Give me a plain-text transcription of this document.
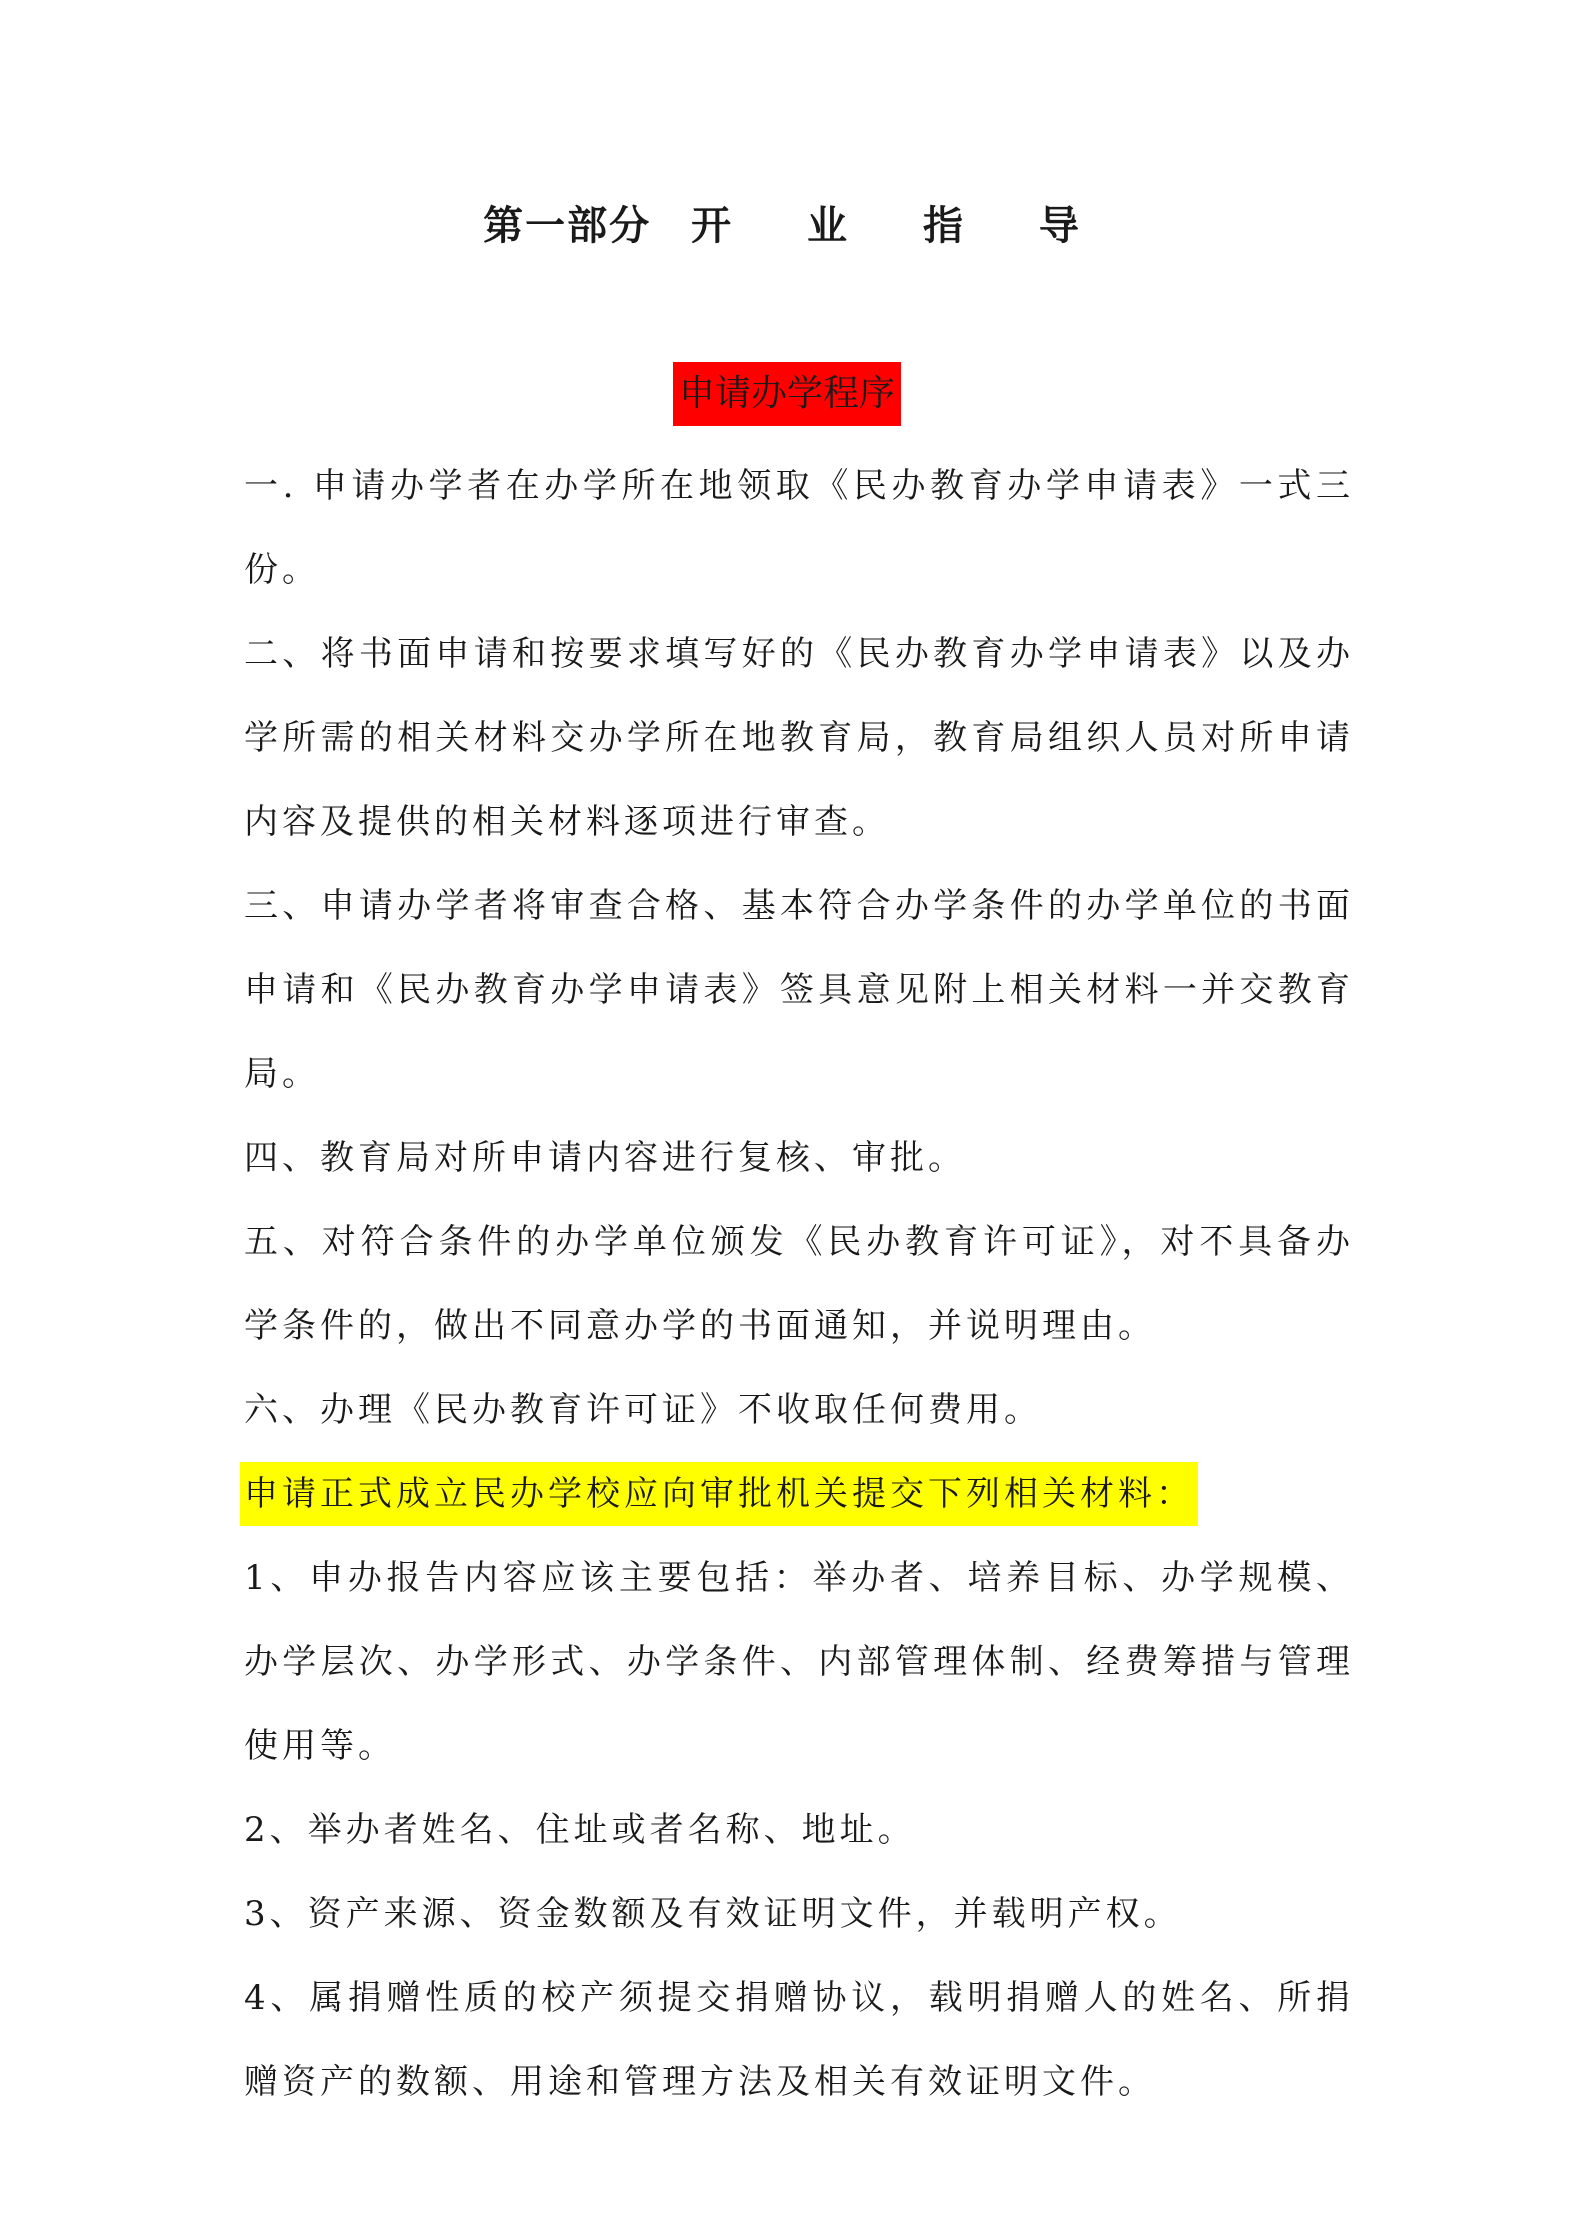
第一部分 开 业 指 导
申请办学程序

一. 申请办学者在办学所在地领取《民办教育办学申请表》一式三份。

二、将书面申请和按要求填写好的《民办教育办学申请表》以及办学所需的相关材料交办学所在地教育局，教育局组织人员对所申请内容及提供的相关材料逐项进行审查。

三、申请办学者将审查合格、基本符合办学条件的办学单位的书面申请和《民办教育办学申请表》签具意见附上相关材料一并交教育局。

四、教育局对所申请内容进行复核、审批。

五、对符合条件的办学单位颁发《民办教育许可证》，对不具备办学条件的，做出不同意办学的书面通知，并说明理由。

六、办理《民办教育许可证》不收取任何费用。

申请正式成立民办学校应向审批机关提交下列相关材料：

1、申办报告内容应该主要包括：举办者、培养目标、办学规模、办学层次、办学形式、办学条件、内部管理体制、经费筹措与管理使用等。

2、举办者姓名、住址或者名称、地址。

3、资产来源、资金数额及有效证明文件，并载明产权。

4、属捐赠性质的校产须提交捐赠协议，载明捐赠人的姓名、所捐赠资产的数额、用途和管理方法及相关有效证明文件。
